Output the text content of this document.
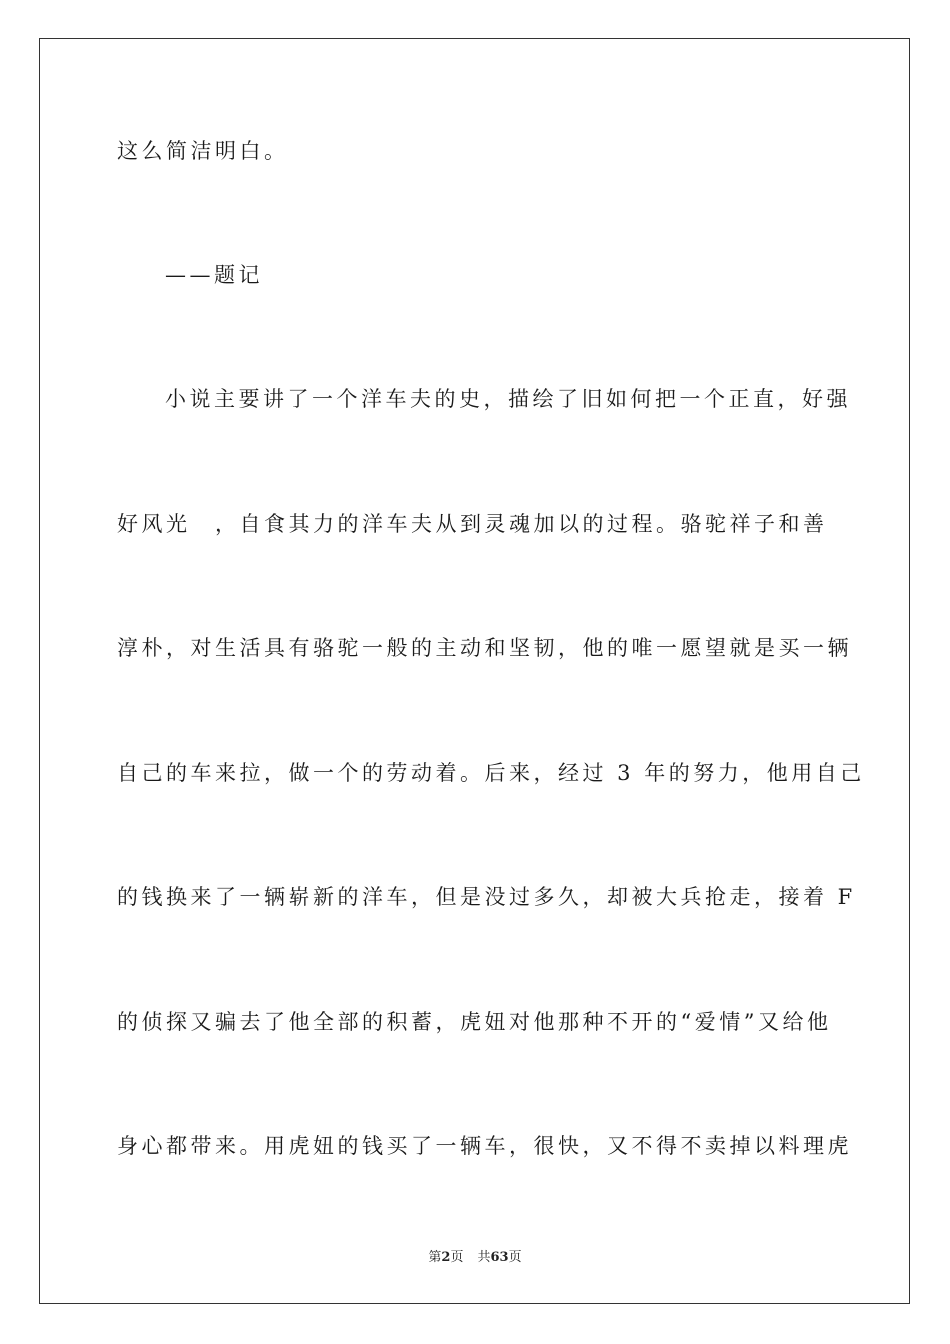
这么简洁明白。
——题记
小说主要讲了一个洋车夫的史，描绘了旧如何把一个正直，好强
好风光　，自食其力的洋车夫从到灵魂加以的过程。骆驼祥子和善
淳朴，对生活具有骆驼一般的主动和坚韧，他的唯一愿望就是买一辆
自己的车来拉，做一个的劳动着。后来，经过 3 年的努力，他用自己
的钱换来了一辆崭新的洋车，但是没过多久，却被大兵抢走，接着 F
的侦探又骗去了他全部的积蓄，虎妞对他那种不开的“爱情”又给他
身心都带来。用虎妞的钱买了一辆车，很快，又不得不卖掉以料理虎
第2页 共63页
